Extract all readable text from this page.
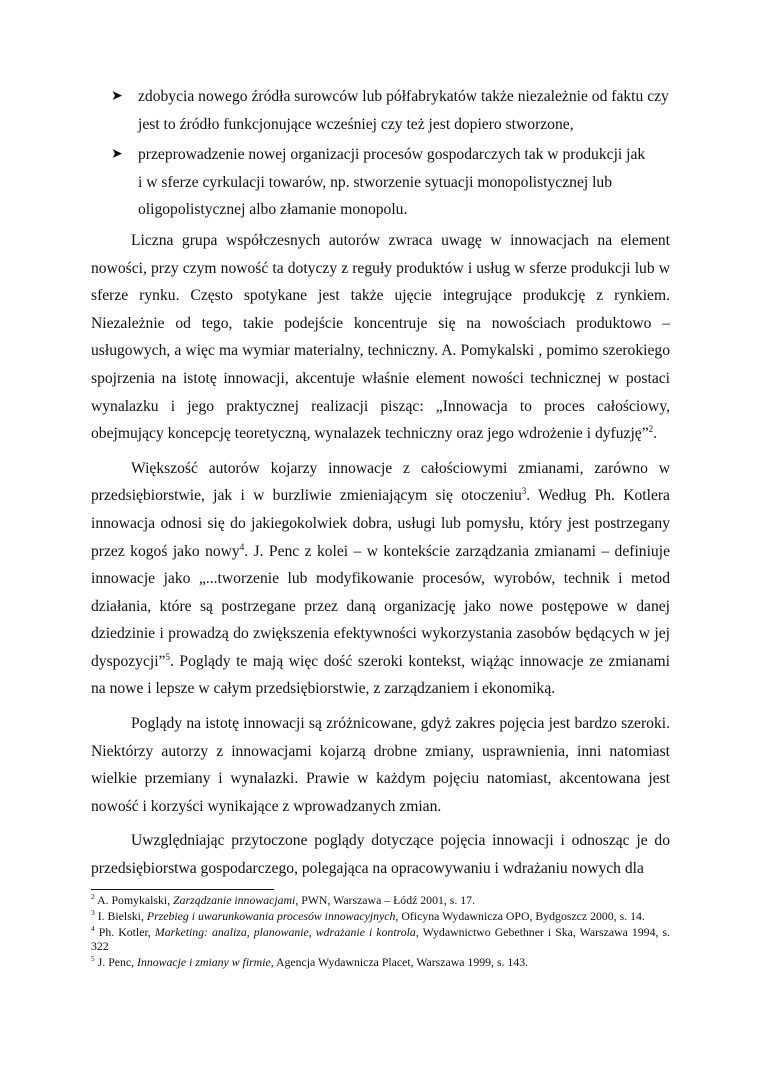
➤ zdobycia nowego źródła surowców lub półfabrykatów także niezależnie od faktu czy
jest to źródło funkcjonujące wcześniej czy też jest dopiero stworzone,
➤ przeprowadzenie nowej organizacji procesów gospodarczych tak w produkcji jak
i w sferze cyrkulacji towarów, np. stworzenie sytuacji monopolistycznej lub
oligopolistycznej albo złamanie monopolu.

Liczna grupa współczesnych autorów zwraca uwagę w innowacjach na element nowości, przy czym nowość ta dotyczy z reguły produktów i usług w sferze produkcji lub w sferze rynku. Często spotykane jest także ujęcie integrujące produkcję z rynkiem. Niezależnie od tego, takie podejście koncentruje się na nowościach produktowo – usługowych, a więc ma wymiar materialny, techniczny. A. Pomykalski , pomimo szerokiego spojrzenia na istotę innowacji, akcentuje właśnie element nowości technicznej w postaci wynalazku i jego praktycznej realizacji pisząc: „Innowacja to proces całościowy, obejmujący koncepcję teoretyczną, wynalazek techniczny oraz jego wdrożenie i dyfuzję”$^2$.

Większość autorów kojarzy innowacje z całościowymi zmianami, zarówno w przedsiębiorstwie, jak i w burzliwie zmieniającym się otoczeniu$^3$. Według Ph. Kotlera innowacja odnosi się do jakiegokolwiek dobra, usługi lub pomysłu, który jest postrzegany przez kogoś jako nowy$^4$. J. Penc z kolei – w kontekście zarządzania zmianami – definiuje innowacje jako „...tworzenie lub modyfikowanie procesów, wyrobów, technik i metod działania, które są postrzegane przez daną organizację jako nowe postępowe w danej dziedzinie i prowadzą do zwiększenia efektywności wykorzystania zasobów będących w jej dyspozycji”$^5$. Poglądy te mają więc dość szeroki kontekst, wiążąc innowacje ze zmianami na nowe i lepsze w całym przedsiębiorstwie, z zarządzaniem i ekonomiką.

Poglądy na istotę innowacji są zróżnicowane, gdyż zakres pojęcia jest bardzo szeroki. Niektórzy autorzy z innowacjami kojarzą drobne zmiany, usprawnienia, inni natomiast wielkie przemiany i wynalazki. Prawie w każdym pojęciu natomiast, akcentowana jest nowość i korzyści wynikające z wprowadzanych zmian.

Uwzględniając przytoczone poglądy dotyczące pojęcia innowacji i odnosząc je do przedsiębiorstwa gospodarczego, polegająca na opracowywaniu i wdrażaniu nowych dla

$^2$ A. Pomykalski, Zarządzanie innowacjami, PWN, Warszawa – Łódź 2001, s. 17.
$^3$ I. Bielski, Przebieg i uwarunkowania procesów innowacyjnych, Oficyna Wydawnicza OPO, Bydgoszcz 2000, s. 14.
$^4$ Ph. Kotler, Marketing: analiza, planowanie, wdrażanie i kontrola, Wydawnictwo Gebethner i Ska, Warszawa 1994, s. 322
$^5$ J. Penc, Innowacje i zmiany w firmie, Agencja Wydawnicza Placet, Warszawa 1999, s. 143.
